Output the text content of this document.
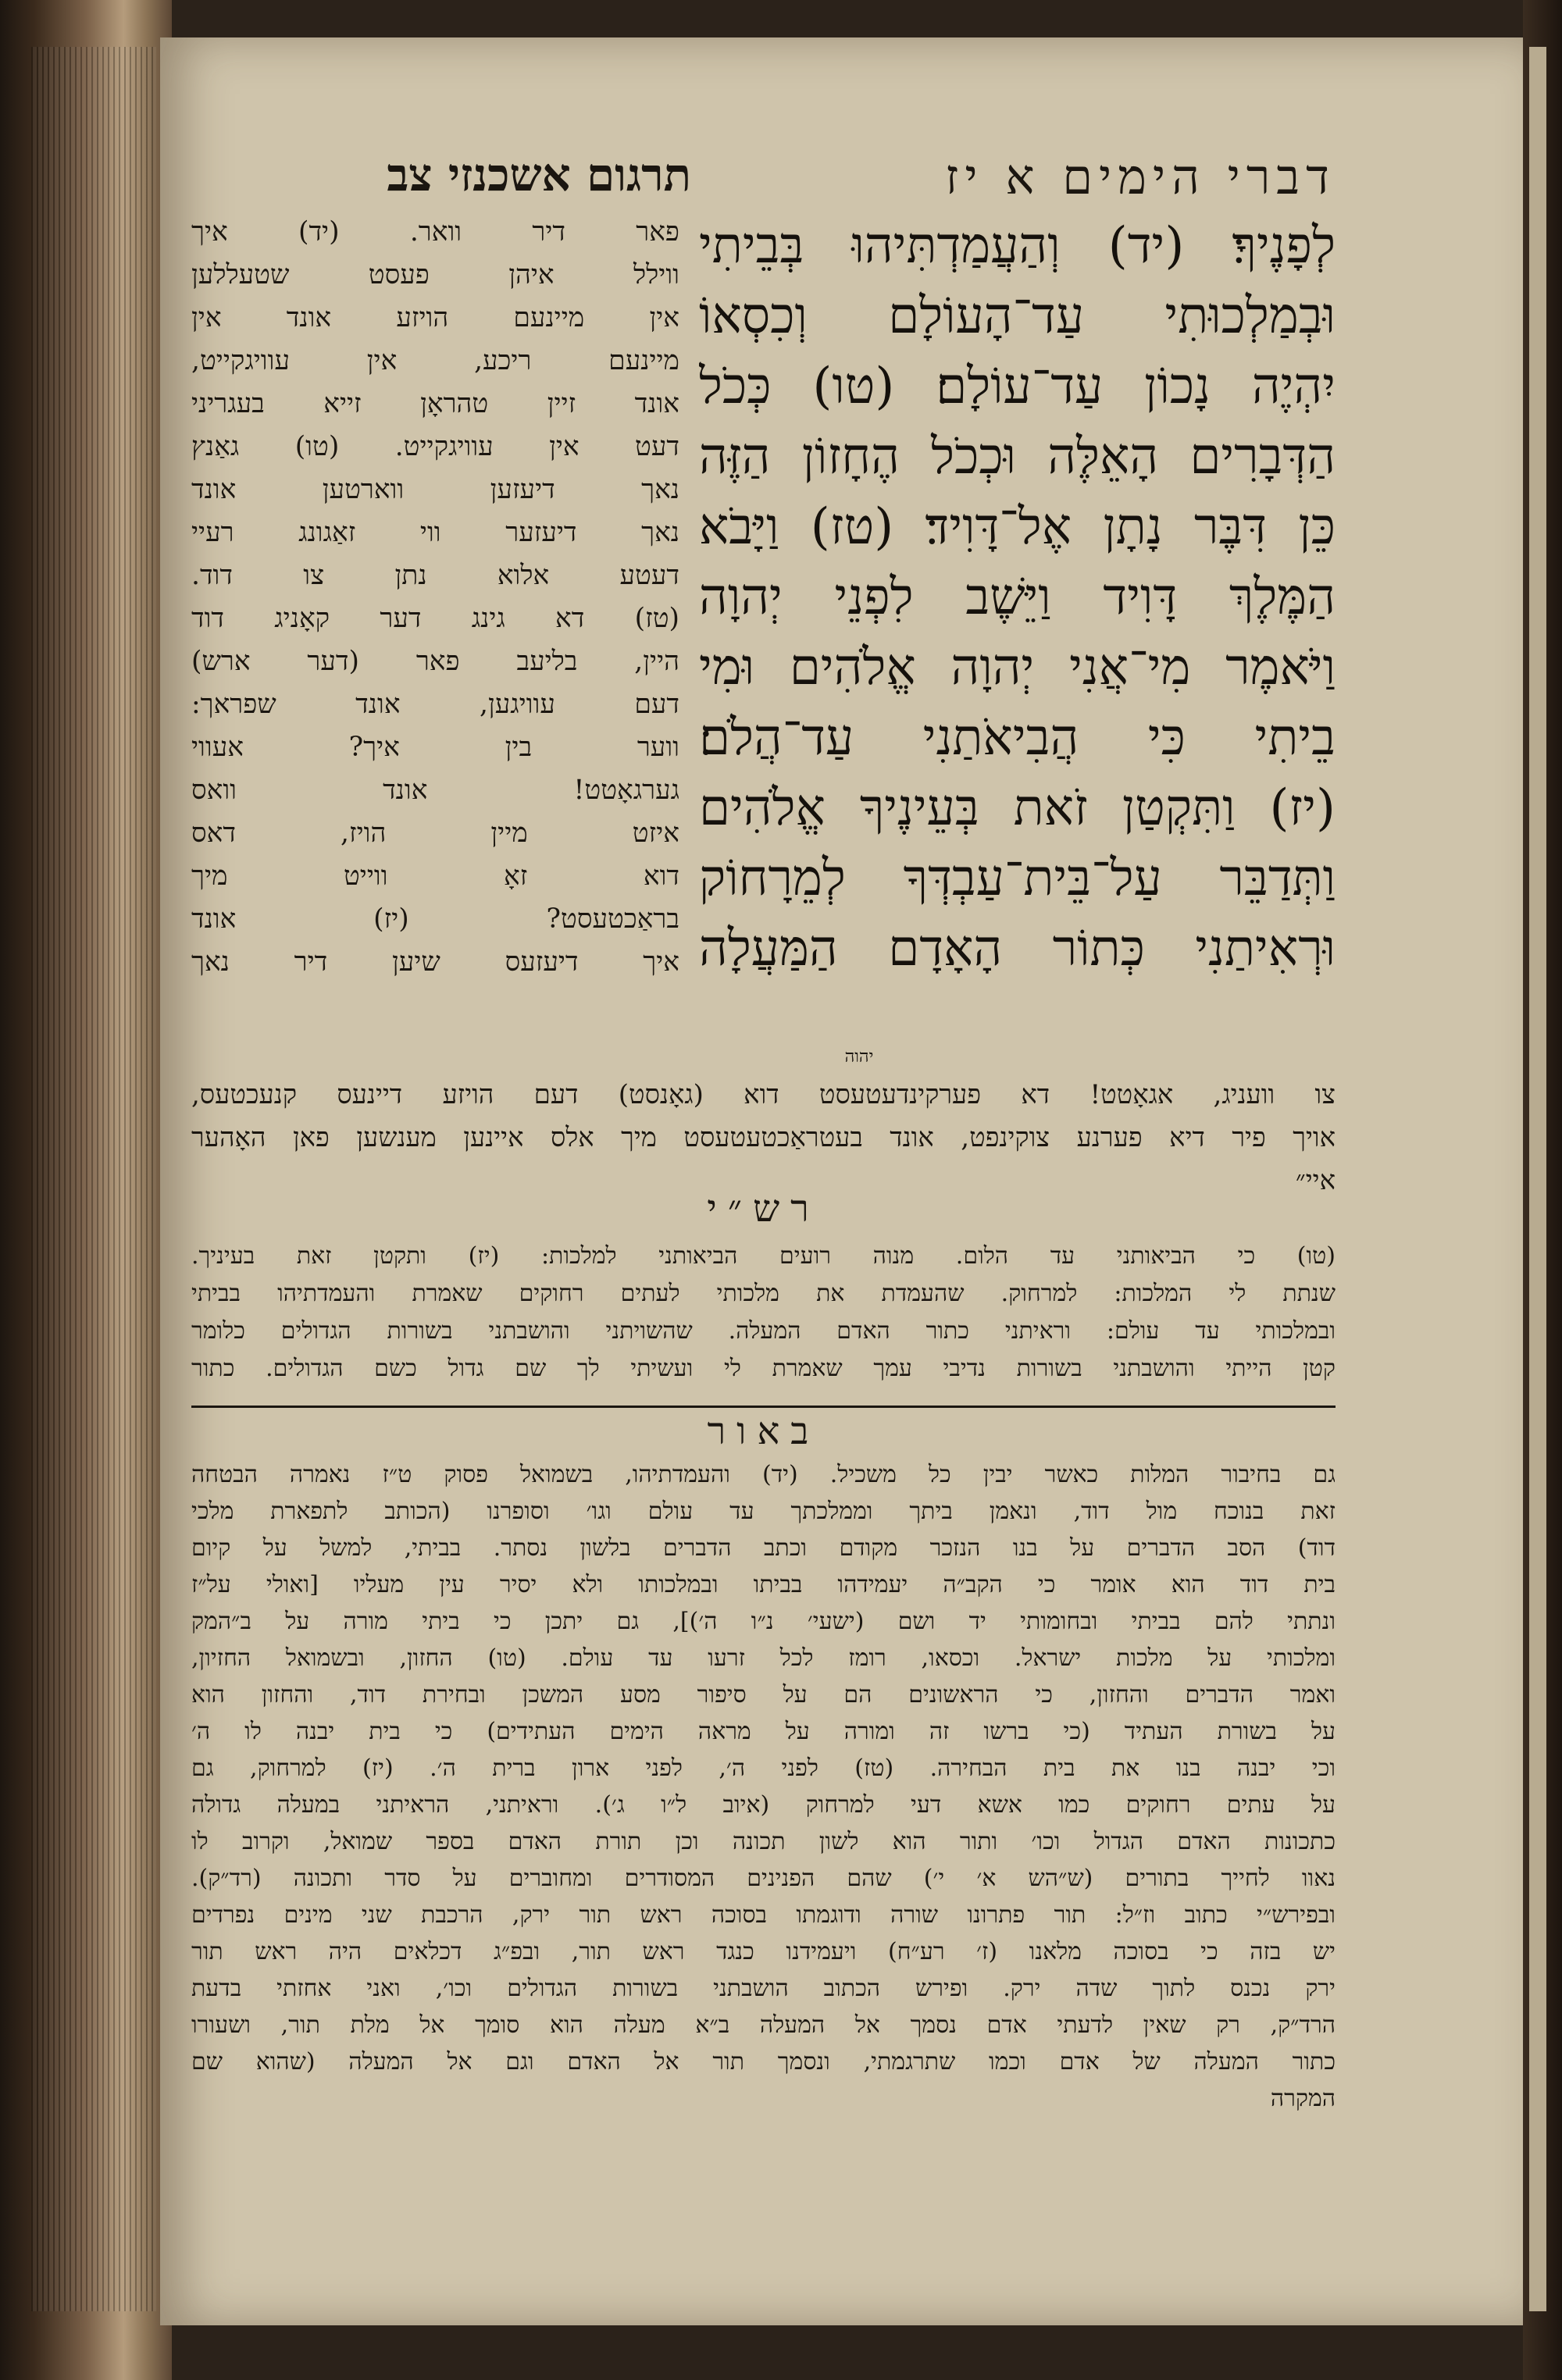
תרגום אשכנזי צב	דברי הימים א יז
פאר דיר וואר. (יד) איך
ווילל איהן פעסט שטעללען
אין מיינעם הויזע אונד אין
מיינעם ריכע, אין עוויגקייט,
אונד זיין טהראָן זייא בעגריני
דעט אין עוויגקייט. (טו) גאַנץ
נאך דיעזען ווארטען אונד
נאך דיעזער ווי זאַגונג רעיי
דעטע אלוא נתן צו דוד.
(טז) דא גינג דער קאָניג דוד
היין, בליעב פאר (דער ארש)
דעם עוויגען, אונד שפראך:
ווער בין איך? אעווי
גערגאָטט! אונד וואס
איזט מיין הויז, דאס
דוא זאָ ווייט מיך
בראַכטעסט? (יז) אונד
איך דיעזעס שיען דיר נאך
לְפָנֶיךָ׃ (יד) וְהַעֲמַדְתִּיהוּ בְּבֵיתִי
וּבְמַלְכוּתִי עַד־הָעוֹלָם וְכִסְאוֹ
יִהְיֶה נָכוֹן עַד־עוֹלָם׃ (טו) כְּכֹל
הַדְּבָרִים הָאֵלֶּה וּכְכֹל הֶחָזוֹן הַזֶּה
כֵּן דִּבֶּר נָתָן אֶל־דָּוִיד׃ (טז) וַיָּבֹא
הַמֶּלֶךְ דָּוִיד וַיֵּשֶׁב לִפְנֵי יְהוָה
וַיֹּאמֶר מִי־אֲנִי יְהוָה אֱלֹהִים וּמִי
בֵיתִי כִּי הֲבִיאֹתַנִי עַד־הֲלֹם׃
(יז) וַתִּקְטַן זֹאת בְּעֵינֶיךָ אֱלֹהִים
וַתְּדַבֵּר עַל־בֵּית־עַבְדְּךָ לְמֵרָחוֹק
וּרְאִיתַנִי כְּתוֹר הָאָדָם הַמַּעֲלָה
יהוה
צו וועניג, אגאָטט! דא פערקינדעטעסט דוא (גאָנסט) דעם הויזע דיינעס קנעכטעס,
אויך פיר דיא פערנע צוקינפט, אונד בעטראַכטעטעסט מיך אלס איינען מענשען פאן האָהער
איי״
רש״י
(טו) כי הביאותני עד הלום. מנוה רועים הביאותני למלכות: (יז) ותקטן זאת בעיניך.
שנתת לי המלכות: למרחוק. שהעמדת את מלכותי לעתים רחוקים שאמרת והעמדתיהו בביתי
ובמלכותי עד עולם: וראיתני כתור האדם המעלה. שהשויתני והושבתני בשורות הגדולים כלומר
קטן הייתי והושבתני בשורות נדיבי עמך שאמרת לי ועשיתי לך שם גדול כשם הגדולים. כתור
באור
גם בחיבור המלות כאשר יבין כל משכיל. (יד) והעמדתיהו, בשמואל פסוק ט״ז נאמרה הבטחה
זאת בנוכח מול דוד, ונאמן ביתך וממלכתך עד עולם וגו׳ וסופרנו (הכותב לתפארת מלכי
דוד) הסב הדברים על בנו הנזכר מקודם וכתב הדברים בלשון נסתר. בביתי, למשל על קיום
בית דוד הוא אומר כי הקב״ה יעמידהו בביתו ובמלכותו ולא יסיר עין מעליו [ואולי על״ז
ונתתי להם בביתי ובחומותי יד ושם (ישעי׳ נ״ו ה׳)], גם יתכן כי ביתי מורה על ב״המק
ומלכותי על מלכות ישראל. וכסאו, רומז לכל זרעו עד עולם. (טו) החזון, ובשמואל החזיון,
ואמר הדברים והחזון, כי הראשונים הם על סיפור מסע המשכן ובחירת דוד, והחזון הוא
על בשורת העתיד (כי ברשו זה ומורה על מראה הימים העתידים) כי בית יבנה לו ה׳
וכי יבנה בנו את בית הבחירה. (טז) לפני ה׳, לפני ארון ברית ה׳. (יז) למרחוק, גם
על עתים רחוקים כמו אשא דעי למרחוק (איוב ל״ו ג׳). וראיתני, הראיתני במעלה גדולה
כתכונות האדם הגדול וכו׳ ותור הוא לשון תכונה וכן תורת האדם בספר שמואל, וקרוב לו
נאוו לחייך בתורים (ש״הש א׳ י׳) שהם הפנינים המסודרים ומחוברים על סדר ותכונה (רד״ק).
ובפירש״י כתוב וז״ל: תור פתרונו שורה ודוגמתו בסוכה ראש תור ירק, הרכבת שני מינים נפרדים
יש בזה כי בסוכה מלאנו (ז׳ רע״ח) ויעמידנו כנגד ראש תור, ובפ״ג דכלאים היה ראש תור
ירק נכנס לתוך שדה ירק. ופירש הכתוב הושבתני בשורות הגדולים וכו׳, ואני אחזתי בדעת
הרד״ק, רק שאין לדעתי אדם נסמך אל המעלה ב״א מעלה הוא סומך אל מלת תור, ושעורו
כתור המעלה של אדם וכמו שתרגמתי, ונסמך תור אל האדם וגם אל המעלה (שהוא שם
המקרה
